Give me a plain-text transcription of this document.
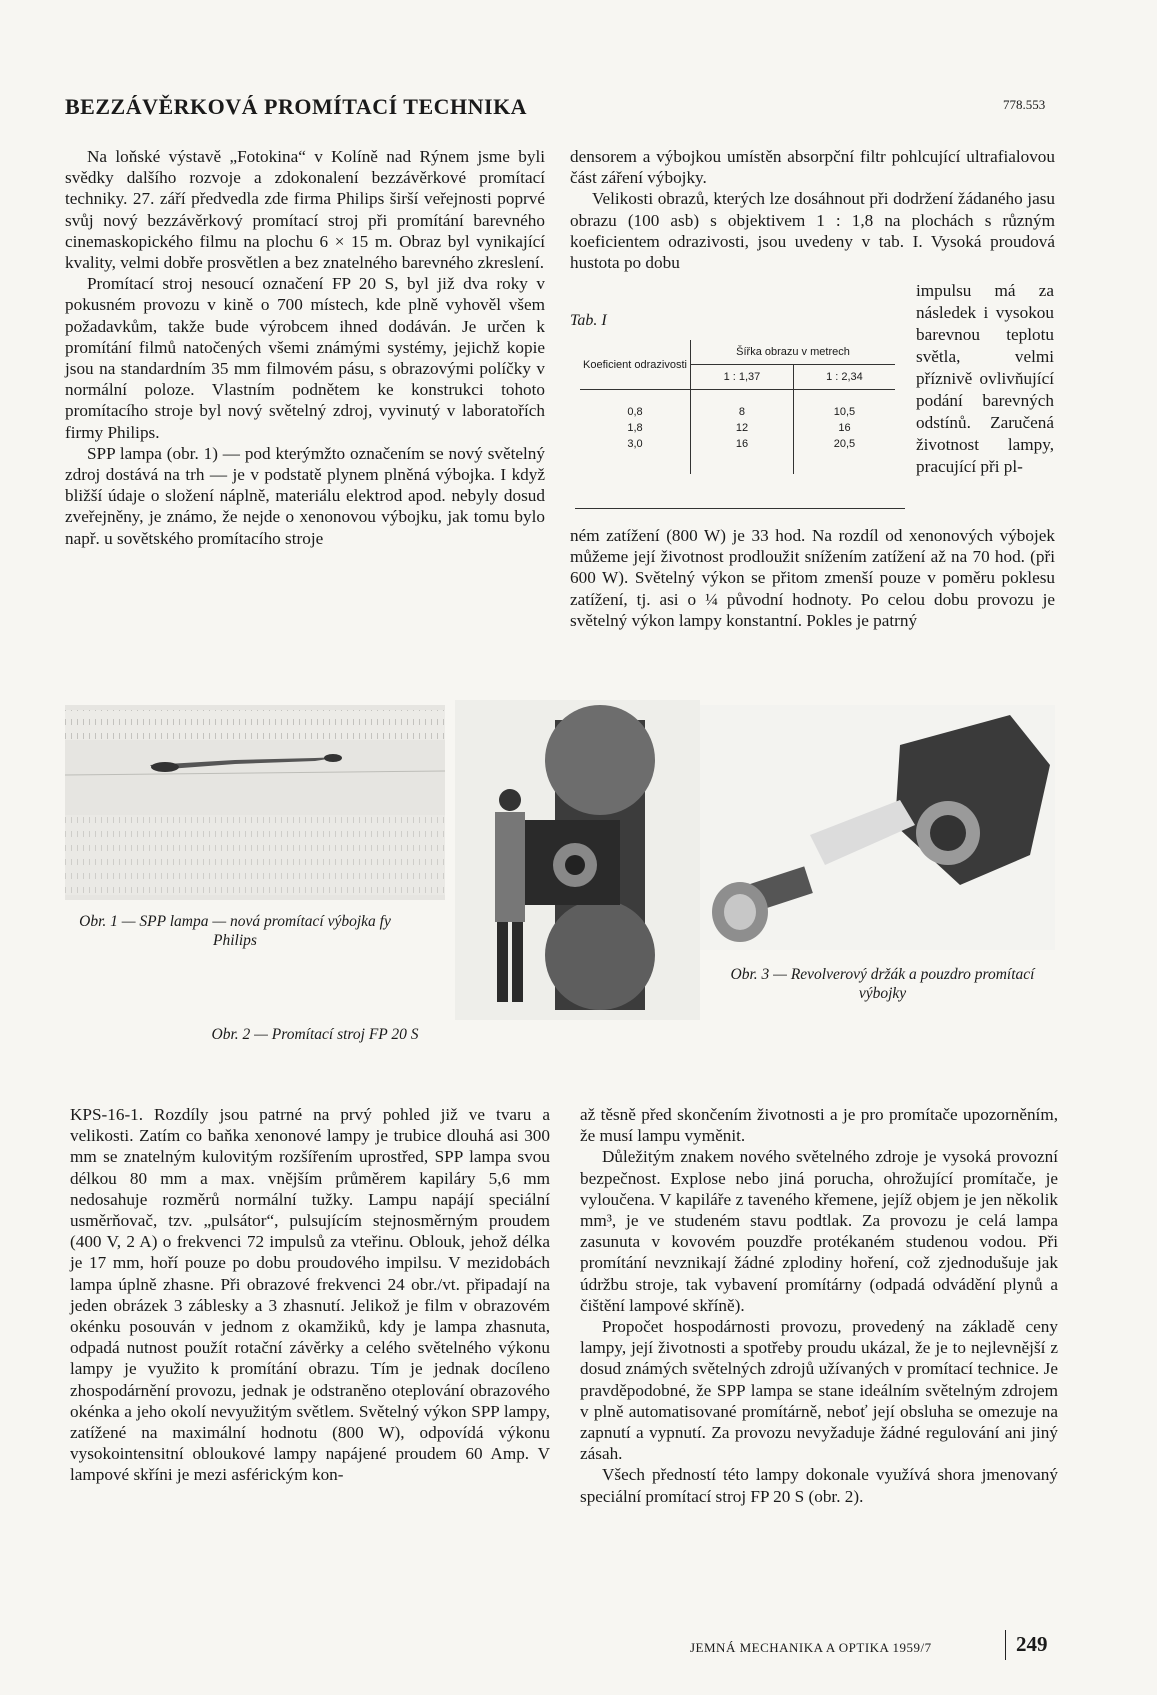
BEZZÁVĚRKOVÁ PROMÍTACÍ TECHNIKA	778.553

Na loňské výstavě „Fotokina“ v Kolíně nad Rýnem jsme byli svědky dalšího rozvoje a zdokonalení bezzávěrkové promítací techniky. 27. září předvedla zde firma Philips širší veřejnosti poprvé svůj nový bezzávěrkový promítací stroj při promítání barevného cinemaskopického filmu na plochu 6 × 15 m. Obraz byl vynikající kvality, velmi dobře prosvětlen a bez znatelného barevného zkreslení.

Promítací stroj nesoucí označení FP 20 S, byl již dva roky v pokusném provozu v kině o 700 místech, kde plně vyhověl všem požadavkům, takže bude výrobcem ihned dodáván. Je určen k promítání filmů natočených všemi známými systémy, jejichž kopie jsou na standardním 35 mm filmovém pásu, s obrazovými políčky v normální poloze. Vlastním podnětem ke konstrukci tohoto promítacího stroje byl nový světelný zdroj, vyvinutý v laboratořích firmy Philips.

SPP lampa (obr. 1) — pod kterýmžto označením se nový světelný zdroj dostává na trh — je v podstatě plynem plněná výbojka. I když bližší údaje o složení náplně, materiálu elektrod apod. nebyly dosud zveřejněny, je známo, že nejde o xenonovou výbojku, jak tomu bylo např. u sovětského promítacího stroje

densorem a výbojkou umístěn absorpční filtr pohlcující ultrafialovou část záření výbojky.

Velikosti obrazů, kterých lze dosáhnout při dodržení žádaného jasu obrazu (100 asb) s objektivem 1 : 1,8 na plochách s různým koeficientem odrazivosti, jsou uvedeny v tab. I. Vysoká proudová hustota po dobu

Tab. I
Koeficient odrazivosti	Šířka obrazu v metrech	
	1 : 1,37	1 : 2,34
0,8	8	10,5
1,8	12	16
3,0	16	20,5
impulsu má za následek i vysokou barevnou teplotu světla, velmi příznivě ovlivňující podání barevných odstínů. Zaručená životnost lampy, pracující při pl-

ném zatížení (800 W) je 33 hod. Na rozdíl od xenonových výbojek můžeme její životnost prodloužit snížením zatížení až na 70 hod. (při 600 W). Světelný výkon se přitom zmenší pouze v poměru poklesu zatížení, tj. asi o ¼ původní hodnoty. Po celou dobu provozu je světelný výkon lampy konstantní. Pokles je patrný

Obr. 1 — SPP lampa — nová promítací výbojka fy Philips
Obr. 2 — Promítací stroj FP 20 S
Obr. 3 — Revolverový držák a pouzdro promítací výbojky

KPS-16-1. Rozdíly jsou patrné na prvý pohled již ve tvaru a velikosti. Zatím co baňka xenonové lampy je trubice dlouhá asi 300 mm se znatelným kulovitým rozšířením uprostřed, SPP lampa svou délkou 80 mm a max. vnějším průměrem kapiláry 5,6 mm nedosahuje rozměrů normální tužky. Lampu napájí speciální usměrňovač, tzv. „pulsátor“, pulsujícím stejnosměrným proudem (400 V, 2 A) o frekvenci 72 impulsů za vteřinu. Oblouk, jehož délka je 17 mm, hoří pouze po dobu proudového impilsu. V mezidobách lampa úplně zhasne. Při obrazové frekvenci 24 obr./vt. připadají na jeden obrázek 3 záblesky a 3 zhasnutí. Jelikož je film v obrazovém okénku posouván v jednom z okamžiků, kdy je lampa zhasnuta, odpadá nutnost použít rotační závěrky a celého světelného výkonu lampy je využito k promítání obrazu. Tím je jednak docíleno zhospodárnění provozu, jednak je odstraněno oteplování obrazového okénka a jeho okolí nevyužitým světlem. Světelný výkon SPP lampy, zatížené na maximální hodnotu (800 W), odpovídá výkonu vysokointensitní obloukové lampy napájené proudem 60 Amp. V lampové skříni je mezi asférickým kon-

až těsně před skončením životnosti a je pro promítače upozorněním, že musí lampu vyměnit.

Důležitým znakem nového světelného zdroje je vysoká provozní bezpečnost. Explose nebo jiná porucha, ohrožující promítače, je vyloučena. V kapiláře z taveného křemene, jejíž objem je jen několik mm³, je ve studeném stavu podtlak. Za provozu je celá lampa zasunuta v kovovém pouzdře protékaném studenou vodou. Při promítání nevznikají žádné zplodiny hoření, což zjednodušuje jak údržbu stroje, tak vybavení promítárny (odpadá odvádění plynů a čištění lampové skříně).

Propočet hospodárnosti provozu, provedený na základě ceny lampy, její životnosti a spotřeby proudu ukázal, že je to nejlevnější z dosud známých světelných zdrojů užívaných v promítací technice. Je pravděpodobné, že SPP lampa se stane ideálním světelným zdrojem v plně automatisované promítárně, neboť její obsluha se omezuje na zapnutí a vypnutí. Za provozu nevyžaduje žádné regulování ani jiný zásah.

Všech předností této lampy dokonale využívá shora jmenovaný speciální promítací stroj FP 20 S (obr. 2).

JEMNÁ MECHANIKA A OPTIKA 1959/7	249
